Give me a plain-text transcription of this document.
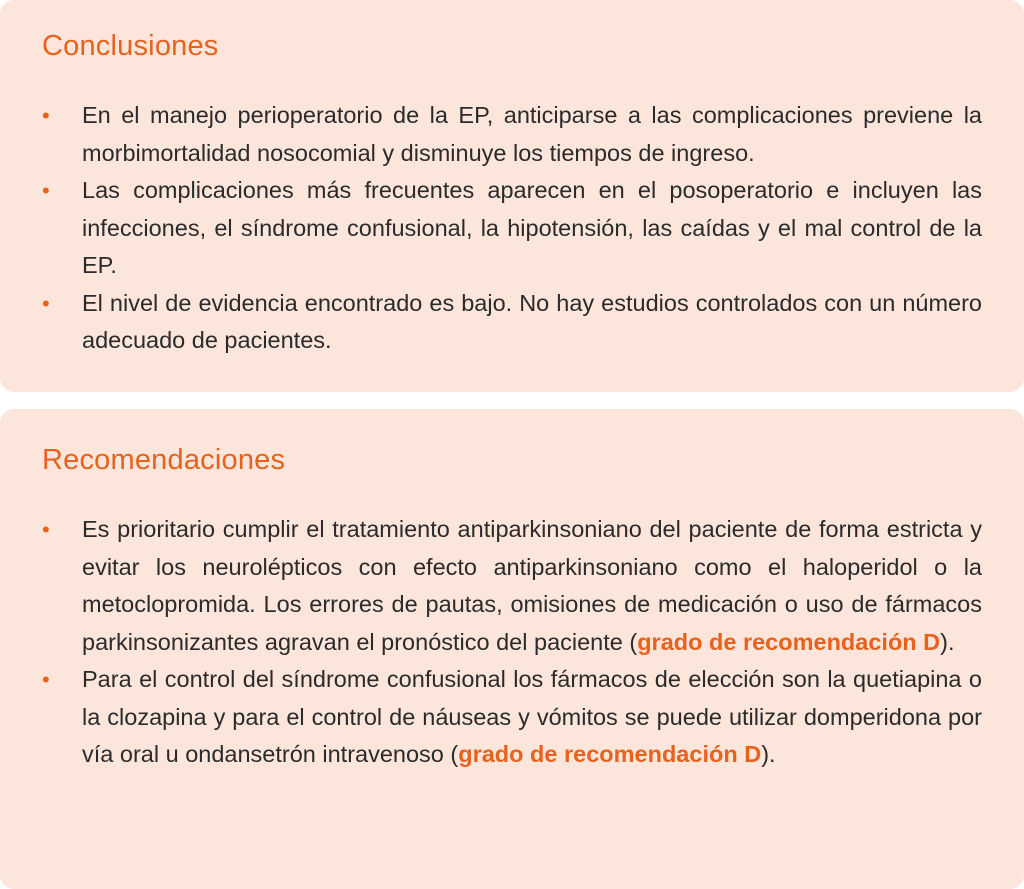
Conclusiones
• En el manejo perioperatorio de la EP, anticiparse a las complicaciones previene la morbimortalidad nosocomial y disminuye los tiempos de ingreso.
• Las complicaciones más frecuentes aparecen en el posoperatorio e incluyen las infecciones, el síndrome confusional, la hipotensión, las caídas y el mal control de la EP.
• El nivel de evidencia encontrado es bajo. No hay estudios controlados con un número adecuado de pacientes.
Recomendaciones
• Es prioritario cumplir el tratamiento antiparkinsoniano del paciente de forma estricta y evitar los neurolépticos con efecto antiparkinsoniano como el haloperidol o la metoclopromida. Los errores de pautas, omisiones de medicación o uso de fármacos parkinsonizantes agravan el pronóstico del paciente (grado de recomendación D).
• Para el control del síndrome confusional los fármacos de elección son la quetiapina o la clozapina y para el control de náuseas y vómitos se puede utilizar domperidona por vía oral u ondansetrón intravenoso (grado de recomendación D).
